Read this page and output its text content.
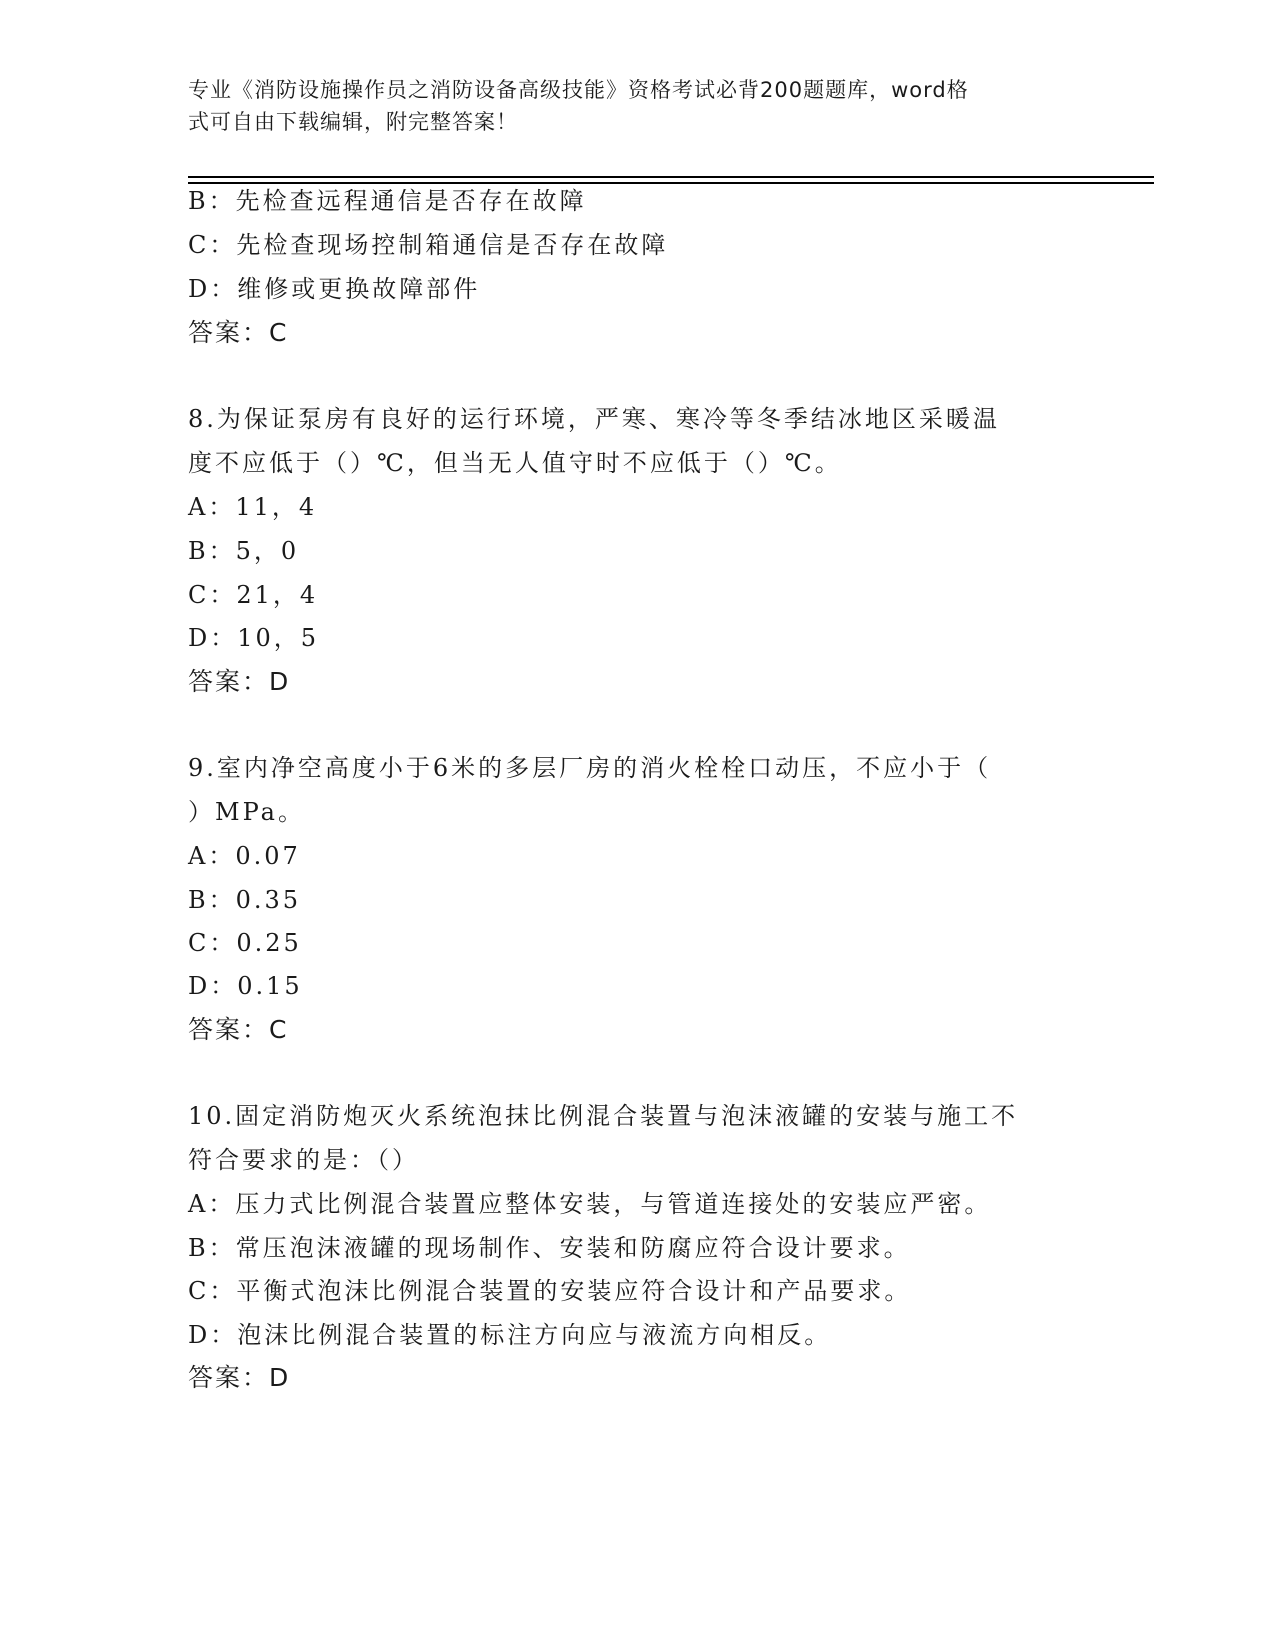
专业《消防设施操作员之消防设备高级技能》资格考试必背200题题库，word格
式可自由下载编辑，附完整答案！
B：先检查远程通信是否存在故障
C：先检查现场控制箱通信是否存在故障
D：维修或更换故障部件
答案：C
8.为保证泵房有良好的运行环境，严寒、寒冷等冬季结冰地区采暖温
度不应低于（）℃，但当无人值守时不应低于（）℃。
A：11，4
B：5，0
C：21，4
D：10，5
答案：D
9.室内净空高度小于6米的多层厂房的消火栓栓口动压，不应小于（
）MPa。
A：0.07
B：0.35
C：0.25
D：0.15
答案：C
10.固定消防炮灭火系统泡抹比例混合装置与泡沫液罐的安装与施工不
符合要求的是：（）
A：压力式比例混合装置应整体安装，与管道连接处的安装应严密。
B：常压泡沫液罐的现场制作、安装和防腐应符合设计要求。
C：平衡式泡沫比例混合装置的安装应符合设计和产品要求。
D：泡沫比例混合装置的标注方向应与液流方向相反。
答案：D
